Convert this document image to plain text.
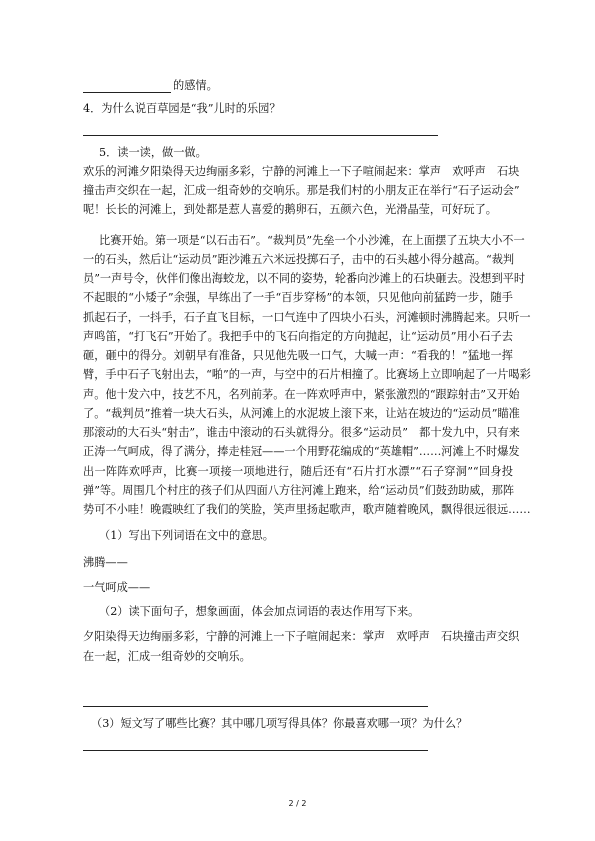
的感情。
4．为什么说百草园是“我”儿时的乐园？
5．读一读，做一做。
欢乐的河滩夕阳染得天边绚丽多彩，宁静的河滩上一下子喧闹起来：掌声　欢呼声　石块
撞击声交织在一起，汇成一组奇妙的交响乐。那是我们村的小朋友正在举行“石子运动会”
呢！长长的河滩上，到处都是惹人喜爱的鹅卵石，五颜六色，光滑晶莹，可好玩了。
比赛开始。第一项是“以石击石”。“裁判员”先垒一个小沙滩，在上面摆了五块大小不一
一的石头，然后让“运动员”距沙滩五六米远投掷石子，击中的石头越小得分越高。“裁判
员”一声号令，伙伴们像出海蛟龙，以不同的姿势，轮番向沙滩上的石块砸去。没想到平时
不起眼的“小矮子”余强，早练出了一手“百步穿杨”的本领，只见他向前猛跨一步，随手
抓起石子，一抖手，石子直飞目标，一口气连中了四块小石头，河滩顿时沸腾起来。只听一
声鸣笛，“打飞石”开始了。我把手中的飞石向指定的方向抛起，让“运动员”用小石子去
砸，砸中的得分。刘朝早有准备，只见他先吸一口气，大喊一声：“看我的！”猛地一挥
臂，手中石子飞射出去，“啪”的一声，与空中的石片相撞了。比赛场上立即响起了一片喝彩
声。他十发六中，技艺不凡，名列前茅。在一阵欢呼声中，紧张激烈的“跟踪射击”又开始
了。“裁判员”推着一块大石头，从河滩上的水泥坡上滚下来，让站在坡边的“运动员”瞄准
那滚动的大石头“射击”，谁击中滚动的石头就得分。很多“运动员”　都十发九中，只有来
正涛一气呵成，得了满分，捧走桂冠——一个用野花编成的“英雄帽”……河滩上不时爆发
出一阵阵欢呼声，比赛一项接一项地进行，随后还有“石片打水漂”“石子穿洞”“回身投
弹”等。周围几个村庄的孩子们从四面八方往河滩上跑来，给“运动员”们鼓劲助威，那阵
势可不小哇！晚霞映红了我们的笑脸，笑声里扬起歌声，歌声随着晚风，飘得很远很远……
（1）写出下列词语在文中的意思。
沸腾——
一气呵成——
（2）读下面句子，想象画面，体会加点词语的表达作用写下来。
夕阳染得天边绚丽多彩，宁静的河滩上一下子喧闹起来：掌声　欢呼声　石块撞击声交织
在一起，汇成一组奇妙的交响乐。
（3）短文写了哪些比赛？其中哪几项写得具体？你最喜欢哪一项？为什么？
2 / 2
